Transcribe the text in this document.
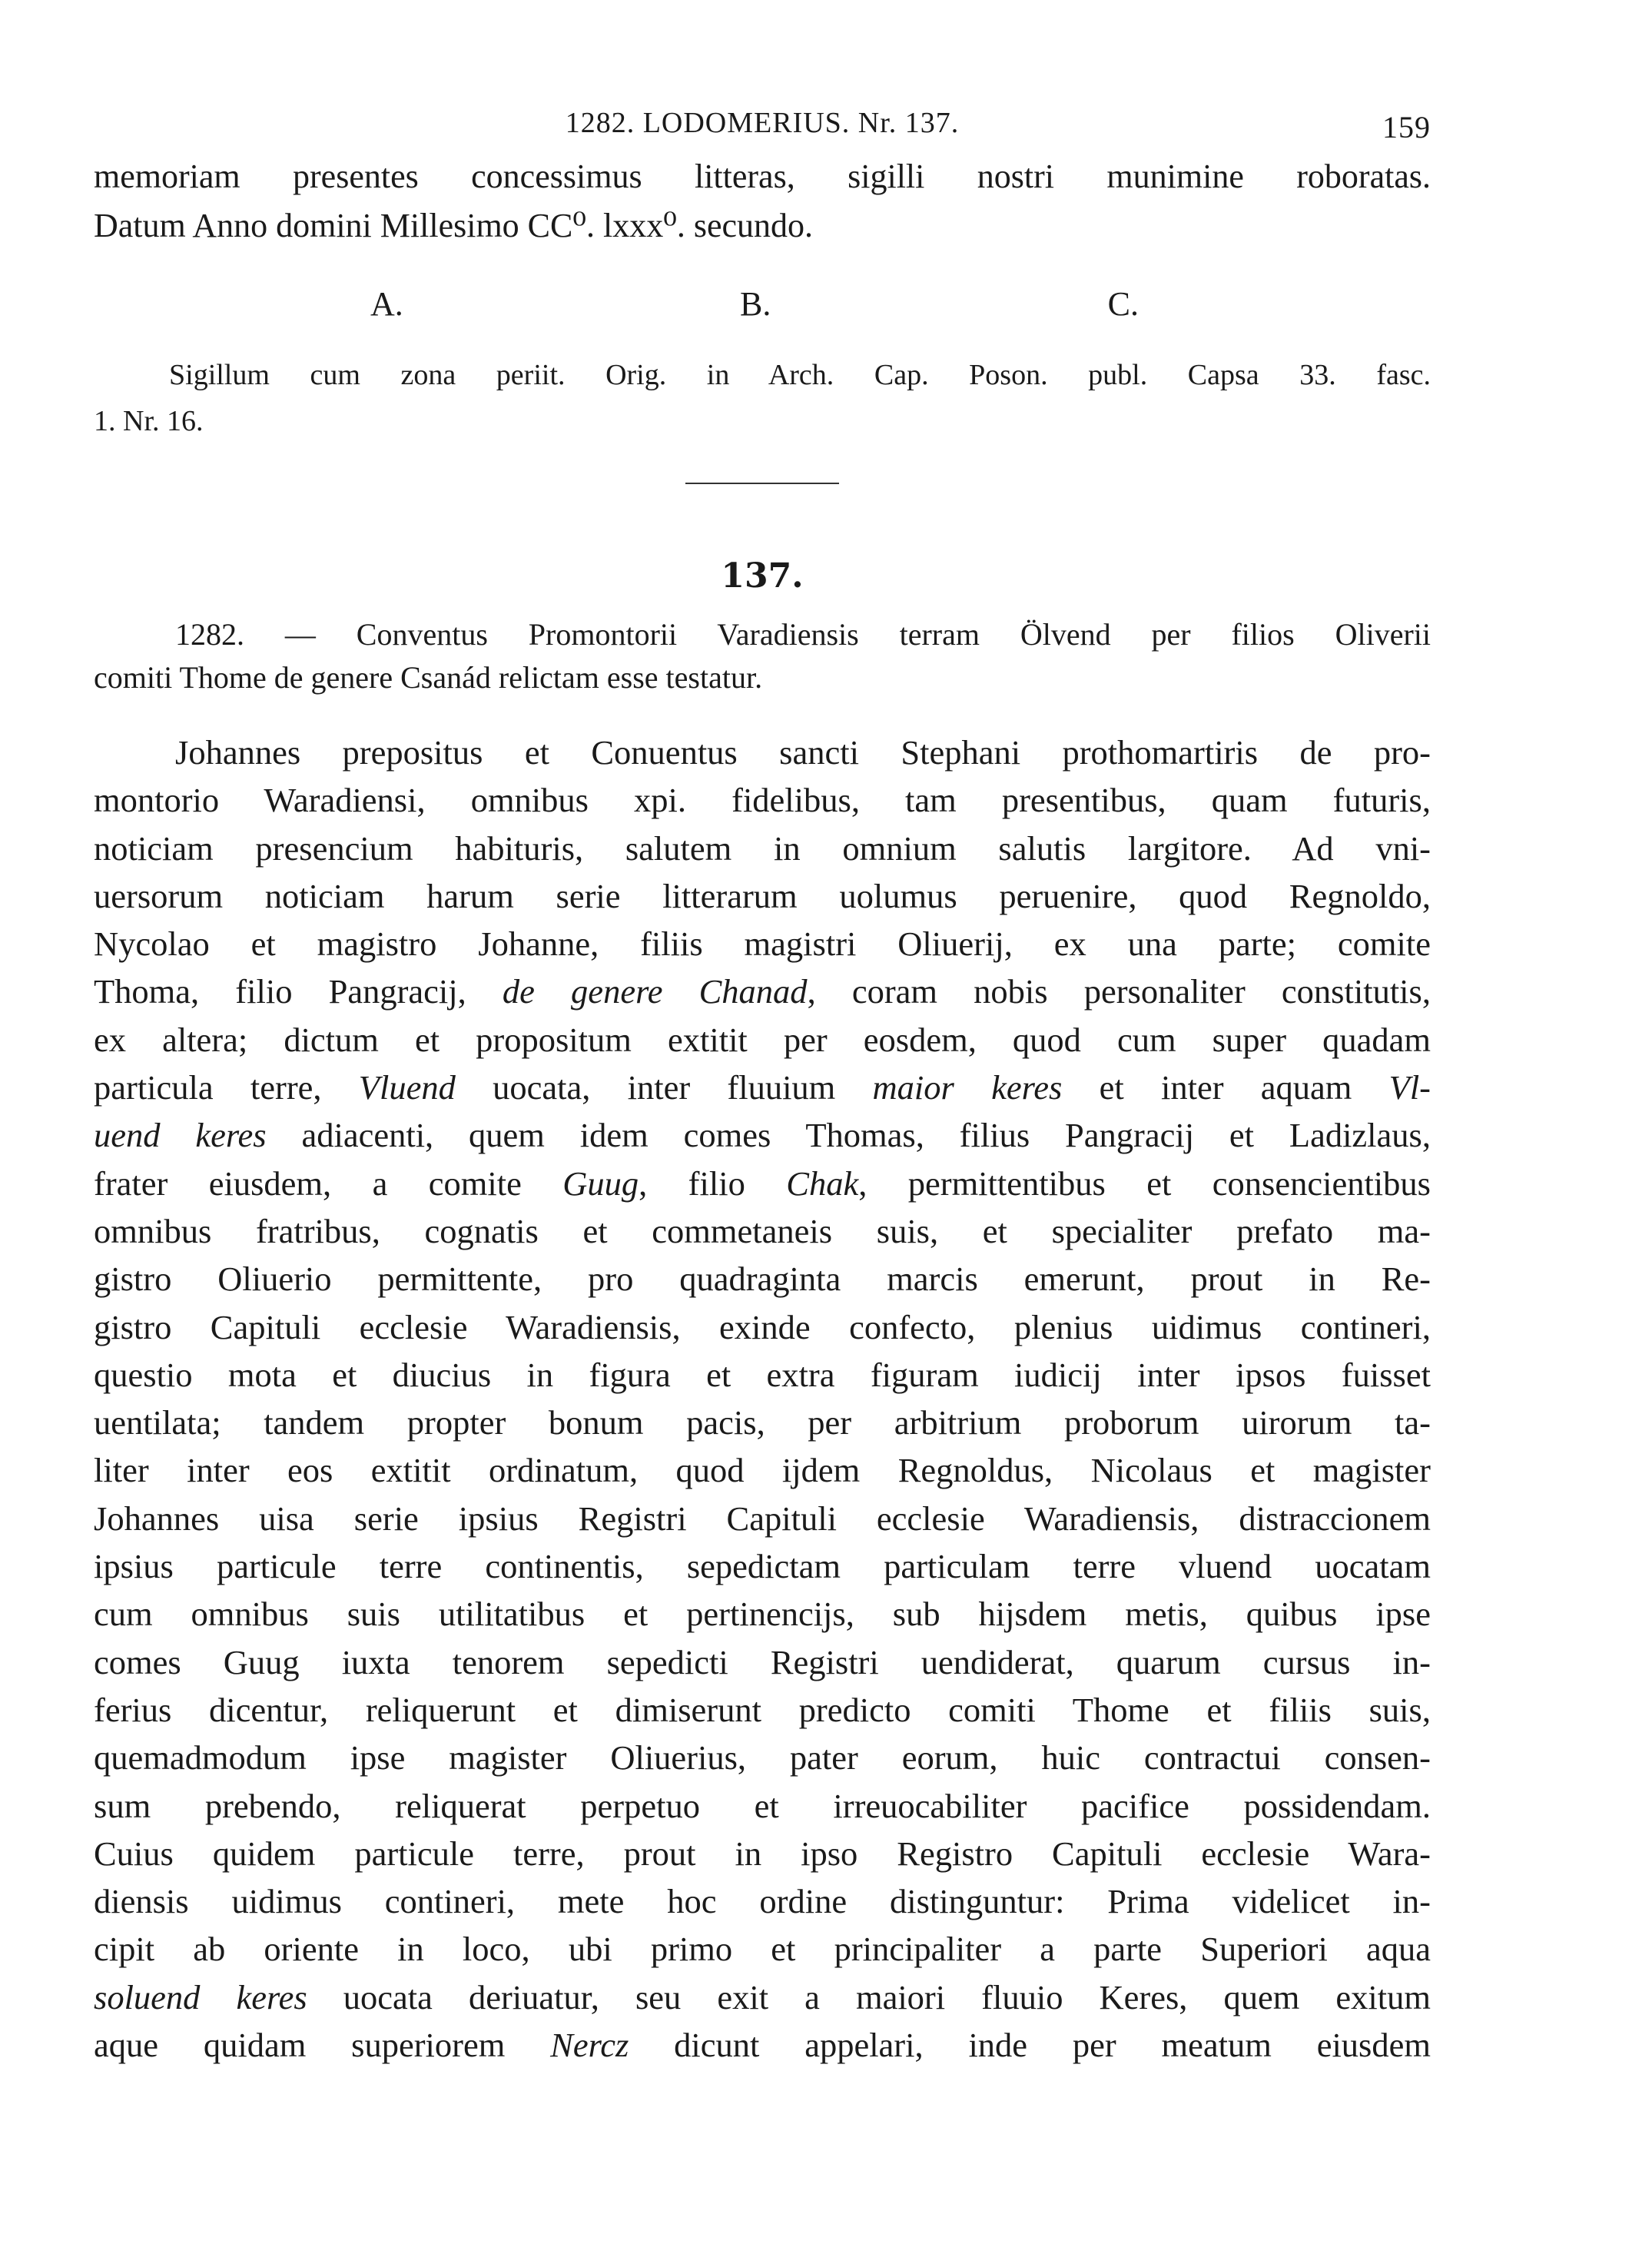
1282. LODOMERIUS. Nr. 137.	159
memoriam presentes concessimus litteras, sigilli nostri munimine roboratas.
Datum Anno domini Millesimo CC⁰. lxxx⁰. secundo.
A.	B.	C.
Sigillum cum zona periit. Orig. in Arch. Cap. Poson. publ. Capsa 33. fasc.
1. Nr. 16.
137.
1282. — Conventus Promontorii Varadiensis terram Ölvend per filios Oliverii
comiti Thome de genere Csanád relictam esse testatur.
Johannes prepositus et Conuentus sancti Stephani prothomartiris de pro-
montorio Waradiensi, omnibus xpi. fidelibus, tam presentibus, quam futuris,
noticiam presencium habituris, salutem in omnium salutis largitore. Ad vni-
uersorum noticiam harum serie litterarum uolumus peruenire, quod Regnoldo,
Nycolao et magistro Johanne, filiis magistri Oliuerij, ex una parte; comite
Thoma, filio Pangracij, de genere Chanad, coram nobis personaliter constitutis,
ex altera; dictum et propositum extitit per eosdem, quod cum super quadam
particula terre, Vluend uocata, inter fluuium maior keres et inter aquam Vl-
uend keres adiacenti, quem idem comes Thomas, filius Pangracij et Ladizlaus,
frater eiusdem, a comite Guug, filio Chak, permittentibus et consencientibus
omnibus fratribus, cognatis et commetaneis suis, et specialiter prefato ma-
gistro Oliuerio permittente, pro quadraginta marcis emerunt, prout in Re-
gistro Capituli ecclesie Waradiensis, exinde confecto, plenius uidimus contineri,
questio mota et diucius in figura et extra figuram iudicij inter ipsos fuisset
uentilata; tandem propter bonum pacis, per arbitrium proborum uirorum ta-
liter inter eos extitit ordinatum, quod ijdem Regnoldus, Nicolaus et magister
Johannes uisa serie ipsius Registri Capituli ecclesie Waradiensis, distraccionem
ipsius particule terre continentis, sepedictam particulam terre vluend uocatam
cum omnibus suis utilitatibus et pertinencijs, sub hijsdem metis, quibus ipse
comes Guug iuxta tenorem sepedicti Registri uendiderat, quarum cursus in-
ferius dicentur, reliquerunt et dimiserunt predicto comiti Thome et filiis suis,
quemadmodum ipse magister Oliuerius, pater eorum, huic contractui consen-
sum prebendo, reliquerat perpetuo et irreuocabiliter pacifice possidendam.
Cuius quidem particule terre, prout in ipso Registro Capituli ecclesie Wara-
diensis uidimus contineri, mete hoc ordine distinguntur: Prima videlicet in-
cipit ab oriente in loco, ubi primo et principaliter a parte Superiori aqua
soluend keres uocata deriuatur, seu exit a maiori fluuio Keres, quem exitum
aque quidam superiorem Nercz dicunt appelari, inde per meatum eiusdem
